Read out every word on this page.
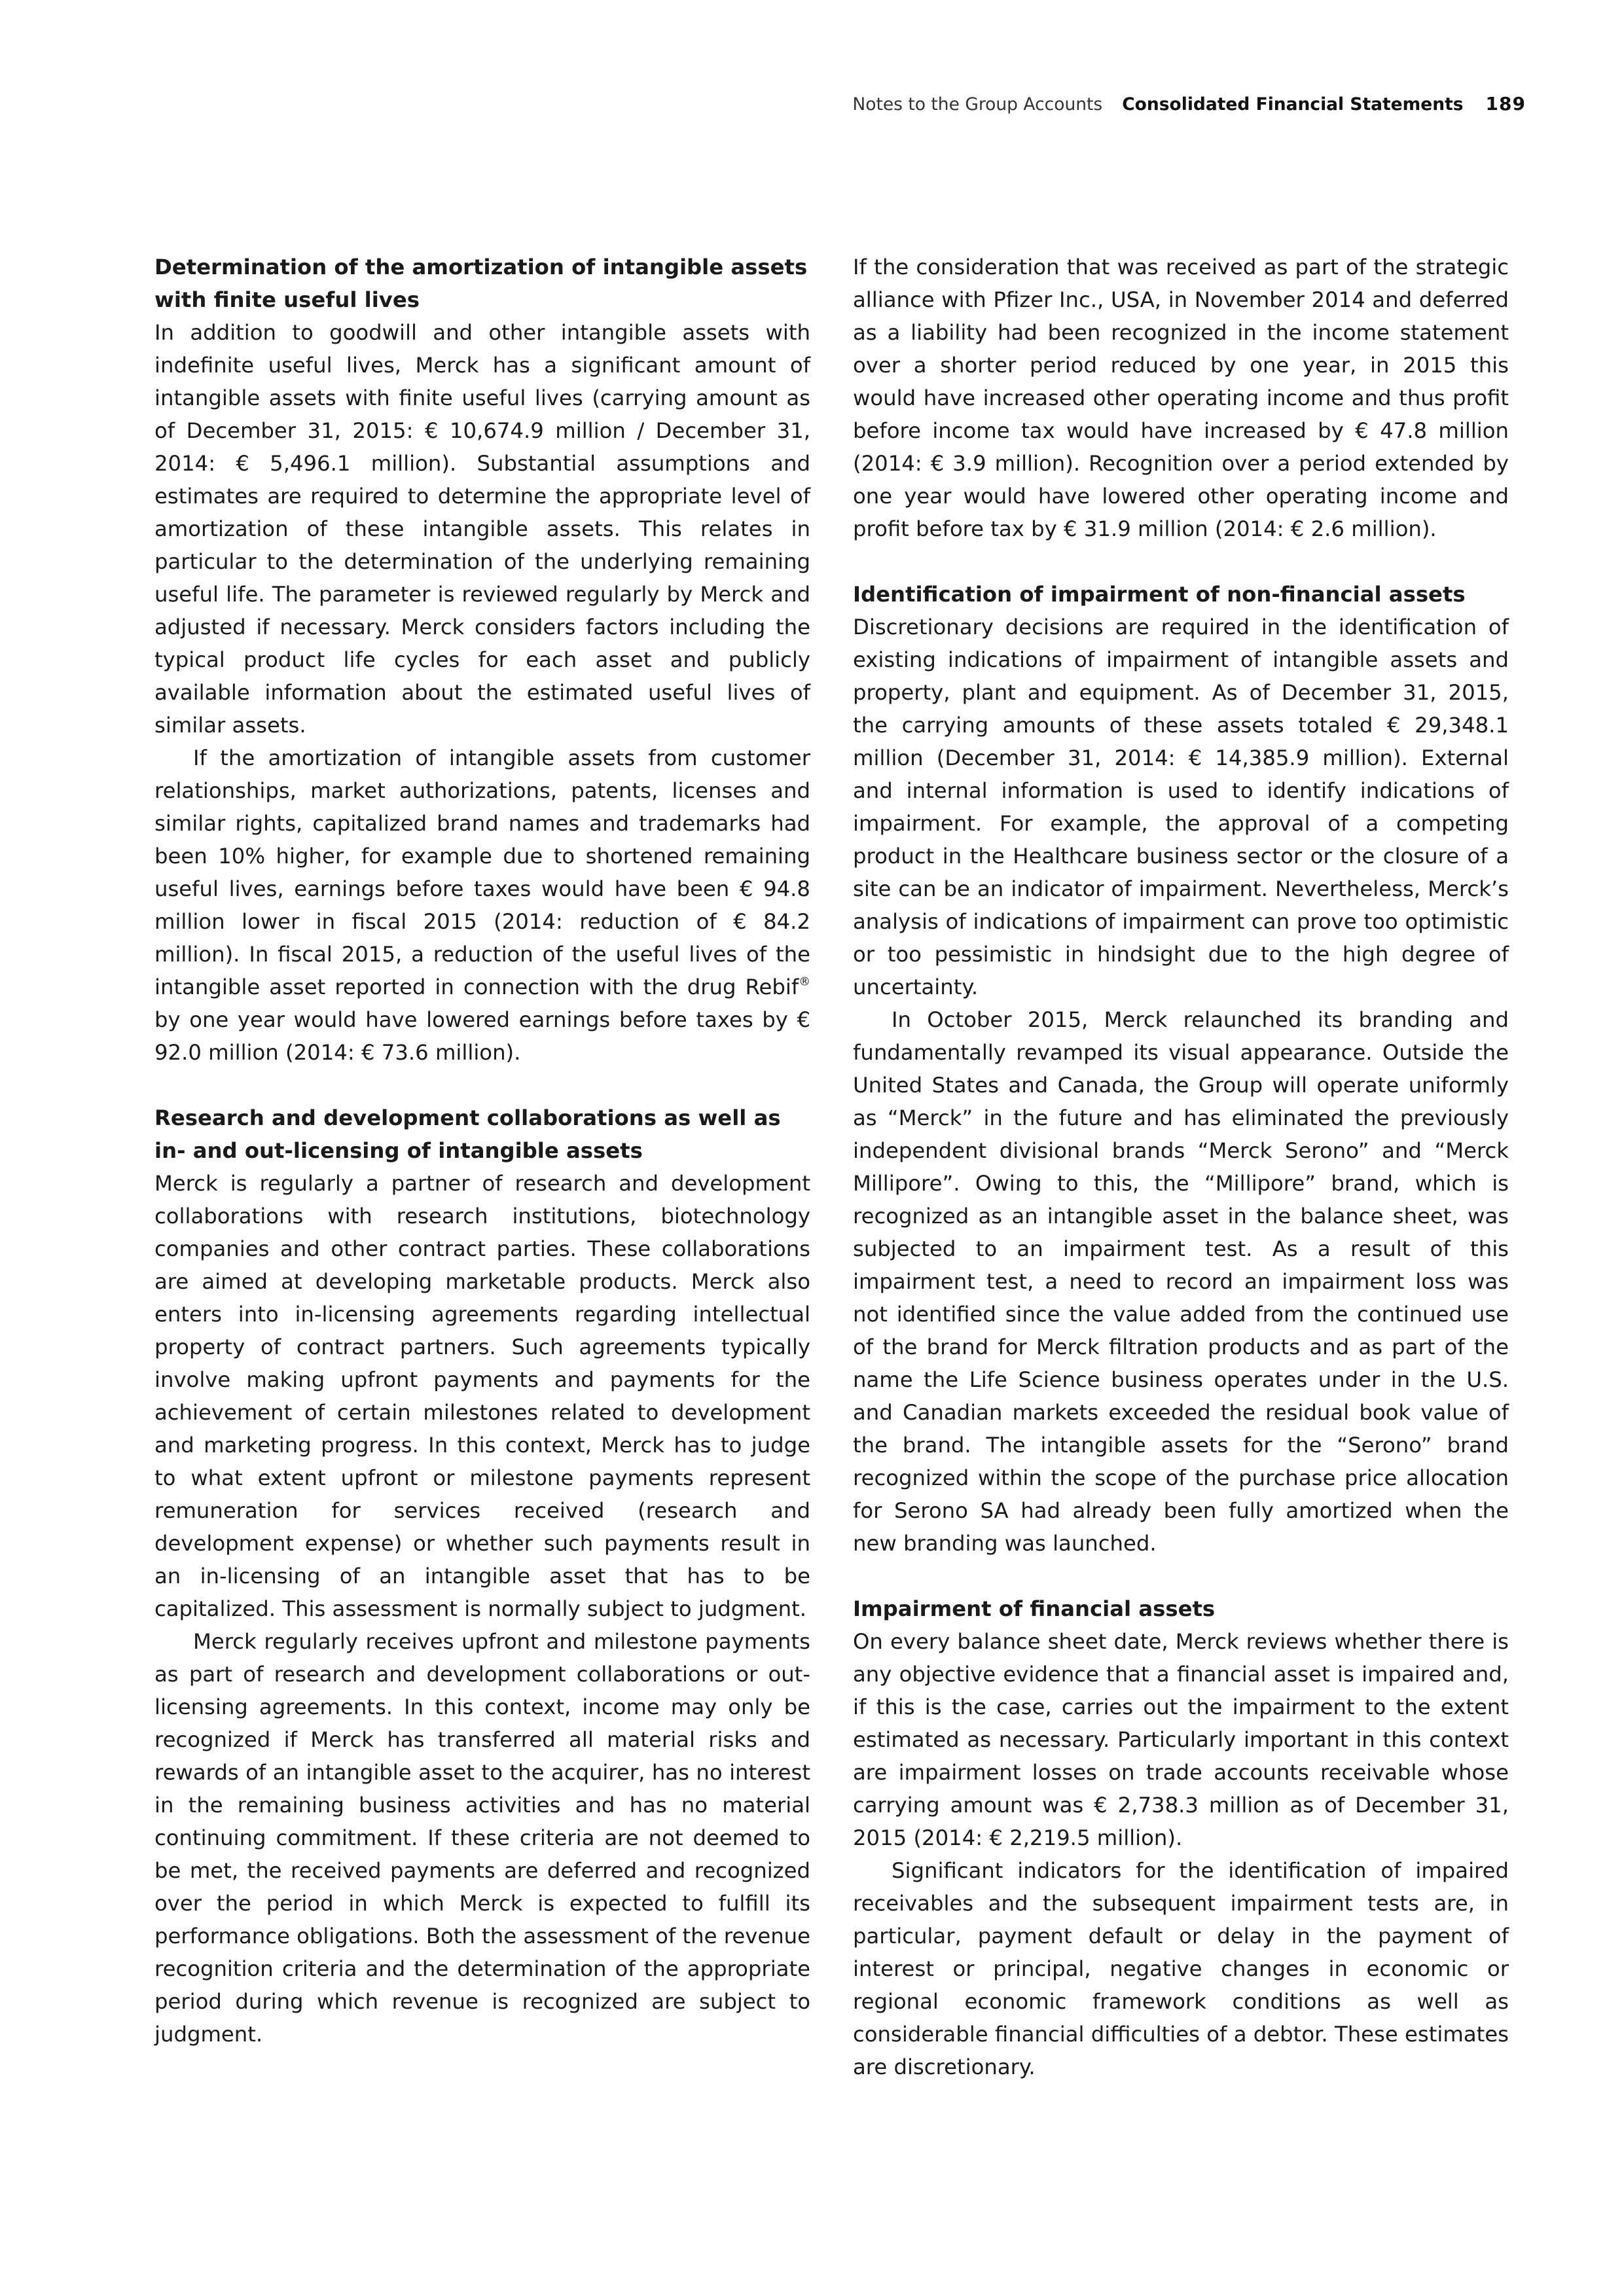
Notes to the Group Accounts Consolidated Financial Statements 189
Determination of the amortization of intangible assets with finite useful lives

In addition to goodwill and other intangible assets with indefinite useful lives, Merck has a significant amount of intangible assets with finite useful lives (carrying amount as of December 31, 2015: € 10,674.9 million / December 31, 2014: € 5,496.1 million). Substantial assumptions and estimates are required to determine the appropriate level of amortization of these intangible assets. This relates in particular to the determination of the underlying remaining useful life. The parameter is reviewed regularly by Merck and adjusted if necessary. Merck considers factors including the typical product life cycles for each asset and publicly available information about the estimated useful lives of similar assets.

If the amortization of intangible assets from customer relationships, market authorizations, patents, licenses and similar rights, capitalized brand names and trademarks had been 10% higher, for example due to shortened remaining useful lives, earnings before taxes would have been € 94.8 million lower in fiscal 2015 (2014: reduction of € 84.2 million). In fiscal 2015, a reduction of the useful lives of the intangible asset reported in connection with the drug Rebif® by one year would have lowered earnings before taxes by € 92.0 million (2014: € 73.6 million).

Research and development collaborations as well as
in- and out-licensing of intangible assets

Merck is regularly a partner of research and development collaborations with research institutions, biotechnology companies and other contract parties. These collaborations are aimed at developing marketable products. Merck also enters into in-licensing agreements regarding intellectual property of contract partners. Such agreements typically involve making upfront payments and payments for the achievement of certain milestones related to development and marketing progress. In this context, Merck has to judge to what extent upfront or milestone payments represent remuneration for services received (research and development expense) or whether such payments result in an in-licensing of an intangible asset that has to be capitalized. This assessment is normally subject to judgment.

Merck regularly receives upfront and milestone payments as part of research and development collaborations or out-licensing agreements. In this context, income may only be recognized if Merck has transferred all material risks and rewards of an intangible asset to the acquirer, has no interest in the remaining business activities and has no material continuing commitment. If these criteria are not deemed to be met, the received payments are deferred and recognized over the period in which Merck is expected to fulfill its performance obligations. Both the assessment of the revenue recognition criteria and the determination of the appropriate period during which revenue is recognized are subject to judgment.

If the consideration that was received as part of the strategic alliance with Pfizer Inc., USA, in November 2014 and deferred as a liability had been recognized in the income statement over a shorter period reduced by one year, in 2015 this would have increased other operating income and thus profit before income tax would have increased by € 47.8 million (2014: € 3.9 million). Recognition over a period extended by one year would have lowered other operating income and profit before tax by € 31.9 million (2014: € 2.6 million).

Identification of impairment of non-financial assets

Discretionary decisions are required in the identification of existing indications of impairment of intangible assets and property, plant and equipment. As of December 31, 2015, the carrying amounts of these assets totaled € 29,348.1 million (December 31, 2014: € 14,385.9 million). External and internal information is used to identify indications of impairment. For example, the approval of a competing product in the Healthcare business sector or the closure of a site can be an indicator of impairment. Nevertheless, Merck’s analysis of indications of impairment can prove too optimistic or too pessimistic in hindsight due to the high degree of uncertainty.

In October 2015, Merck relaunched its branding and fundamentally revamped its visual appearance. Outside the United States and Canada, the Group will operate uniformly as “Merck” in the future and has eliminated the previously independent divisional brands “Merck Serono” and “Merck Millipore”. Owing to this, the “Millipore” brand, which is recognized as an intangible asset in the balance sheet, was subjected to an impairment test. As a result of this impairment test, a need to record an impairment loss was not identified since the value added from the continued use of the brand for Merck filtration products and as part of the name the Life Science business operates under in the U.S. and Canadian markets exceeded the residual book value of the brand. The intangible assets for the “Serono” brand recognized within the scope of the purchase price allocation for Serono SA had already been fully amortized when the new branding was launched.

Impairment of financial assets

On every balance sheet date, Merck reviews whether there is any objective evidence that a financial asset is impaired and, if this is the case, carries out the impairment to the extent estimated as necessary. Particularly important in this context are impairment losses on trade accounts receivable whose carrying amount was € 2,738.3 million as of December 31, 2015 (2014: € 2,219.5 million).

Significant indicators for the identification of impaired receivables and the subsequent impairment tests are, in particular, payment default or delay in the payment of interest or principal, negative changes in economic or regional economic framework conditions as well as considerable financial difficulties of a debtor. These estimates are discretionary.
